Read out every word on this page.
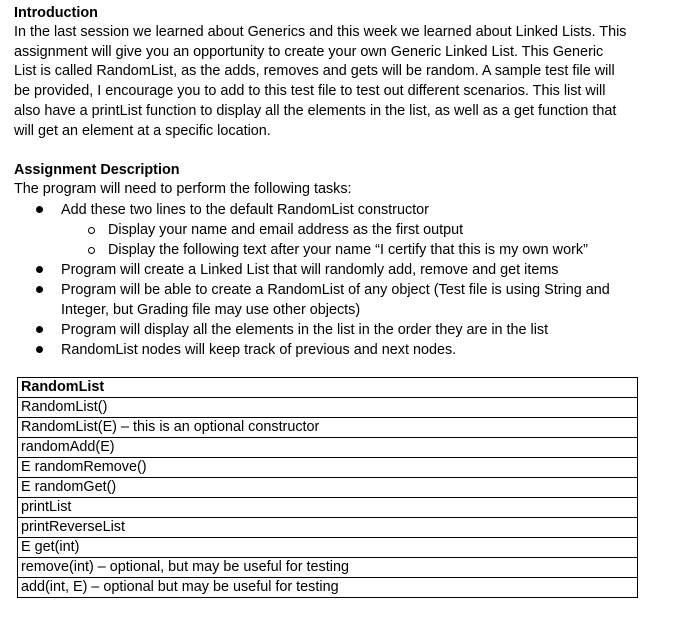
Introduction

In the last session we learned about Generics and this week we learned about Linked Lists. This
assignment will give you an opportunity to create your own Generic Linked List. This Generic
List is called RandomList, as the adds, removes and gets will be random. A sample test file will
be provided, I encourage you to add to this test file to test out different scenarios. This list will
also have a printList function to display all the elements in the list, as well as a get function that
will get an element at a specific location.

Assignment Description

The program will need to perform the following tasks:
Add these two lines to the default RandomList constructor
Display your name and email address as the first output
Display the following text after your name “I certify that this is my own work”
Program will create a Linked List that will randomly add, remove and get items
Program will be able to create a RandomList of any object (Test file is using String and
Integer, but Grading file may use other objects)
Program will display all the elements in the list in the order they are in the list
RandomList nodes will keep track of previous and next nodes.
RandomList
RandomList()
RandomList(E) – this is an optional constructor
randomAdd(E)
E randomRemove()
E randomGet()
printList
printReverseList
E get(int)
remove(int) – optional, but may be useful for testing
add(int, E) – optional but may be useful for testing
